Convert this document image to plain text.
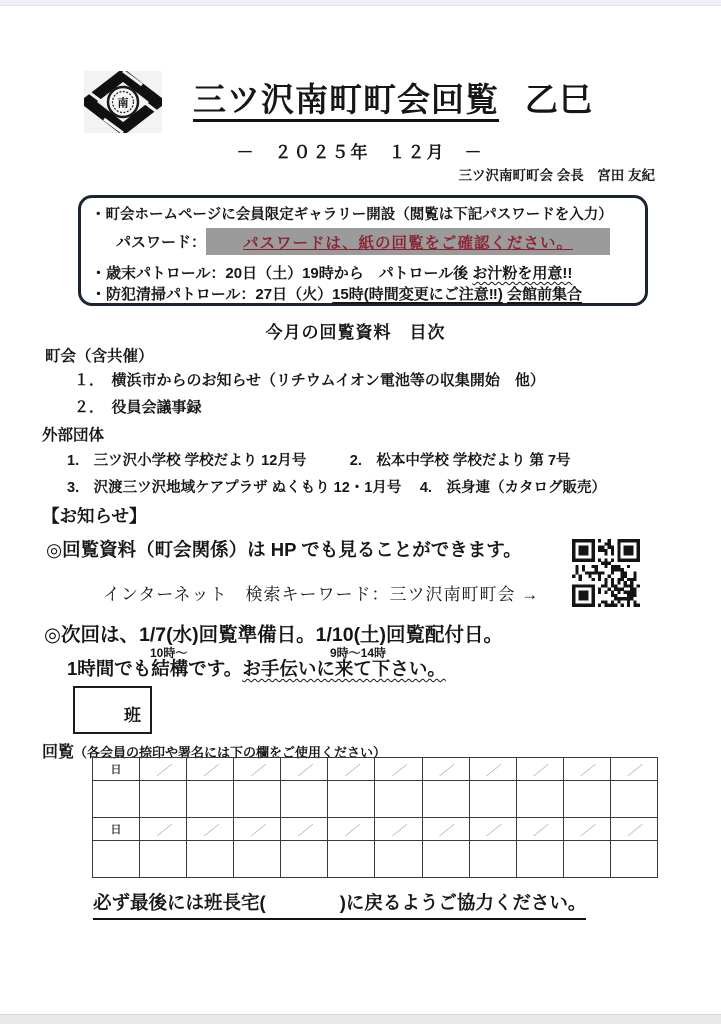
南 三ツ沢南町町会回覧 乙巳
－　２０２５年　１２月　－
三ツ沢南町町会 会長　宮田 友紀
・町会ホームページに会員限定ギャラリー開設（閲覧は下記パスワードを入力）
パスワード： パスワードは、紙の回覧をご確認ください。
・歳末パトロール：20日（土）19時から　パトロール後 お汁粉を用意!!
・防犯清掃パトロール：27日（火）15時(時間変更にご注意‼) 会館前集合
今月の回覧資料　目次
町会（含共催）
１．　横浜市からのお知らせ（リチウムイオン電池等の収集開始　他）
２．　役員会議事録
外部団体
1.　三ツ沢小学校 学校だより 12月号　　　2.　松本中学校 学校だより 第 7号
3.　沢渡三ツ沢地域ケアプラザ ぬくもり 12・1月号　 4.　浜身連（カタログ販売）
【お知らせ】
◎回覧資料（町会関係）は HP でも見ることができます。
インターネット　検索キーワード：三ツ沢南町町会 →
◎次回は、1/7(水)回覧準備日。1/10(土)回覧配付日。
10時～	9時～14時
1時間でも結構です。お手伝いに来て下さい。
班
回覧（各会員の捺印や署名には下の欄をご使用ください）
日	／	／	／	／	／	／	／	／	／	／	／

日	／	／	／	／	／	／	／	／	／	／	／

必ず最後には班長宅(　　　　	)に戻るようご協力ください。
